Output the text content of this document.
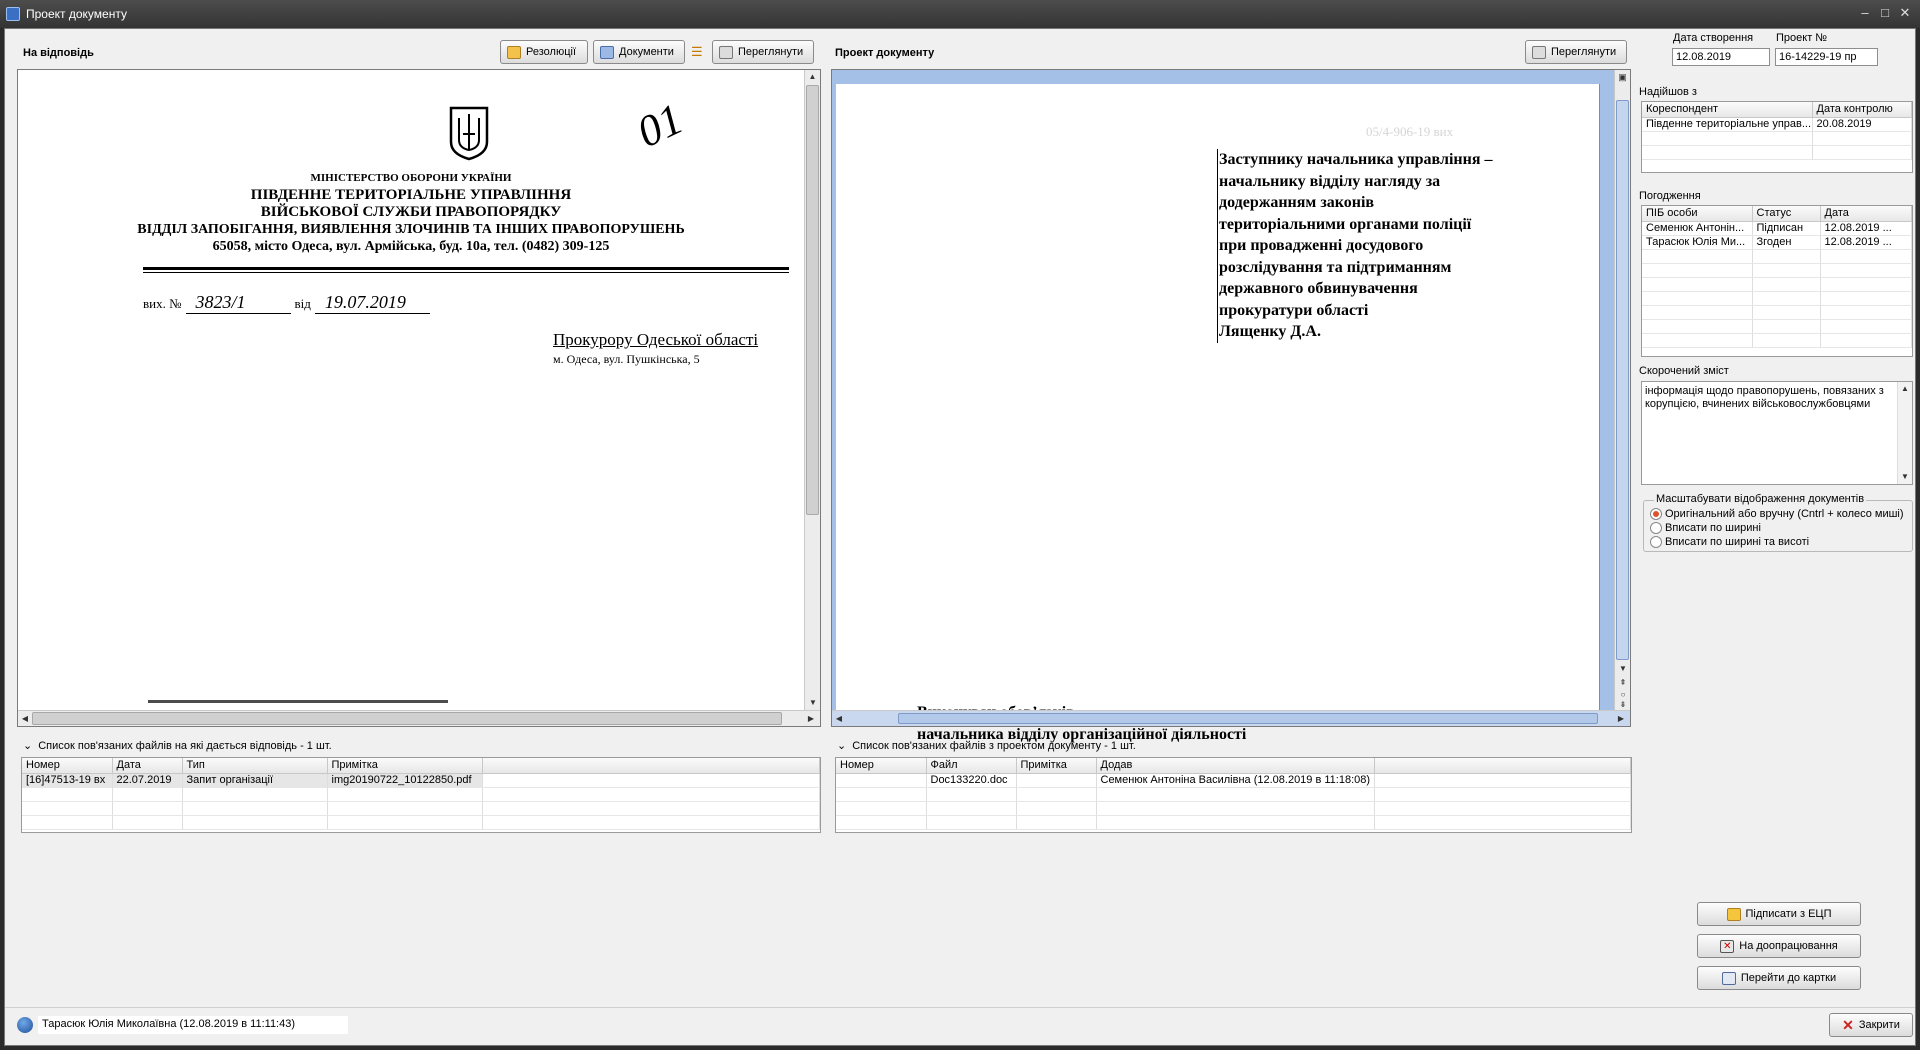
Проект документу	– □ ✕
На відповідь	Резолюції	Документи ☰	Переглянути
01
МІНІСТЕРСТВО ОБОРОНИ УКРАЇНИ
ПІВДЕННЕ ТЕРИТОРІАЛЬНЕ УПРАВЛІННЯ
ВІЙСЬКОВОЇ СЛУЖБИ ПРАВОПОРЯДКУ
ВІДДІЛ ЗАПОБІГАННЯ, ВИЯВЛЕННЯ ЗЛОЧИНІВ ТА ІНШИХ ПРАВОПОРУШЕНЬ
65058, місто Одеса, вул. Армійська, буд. 10а, тел. (0482) 309-125
вих. № 3823/1	від 19.07.2019
Прокурору Одеської області
м. Одеса, вул. Пушкінська, 5
▲
▼
◀	▶
⌄ Список пов'язаних файлів на які дається відповідь - 1 шт.
Номер	Дата	Тип	Примітка	
[16]47513-19 вх	22.07.2019	Запит організації	img20190722_10122850.pdf	

Проект документу	Переглянути
05/4-906-19 вих
Заступнику начальника управління –
начальнику відділу нагляду за
додержанням законів
територіальними органами поліції
при провадженні досудового
розслідування та підтриманням
державного обвинувачення
прокуратури області
Лященку Д.А.
начальника відділу організаційної діяльності
▣
▼
⇞
○
⇟
◀	▶
⌄ Список пов'язаних файлів з проектом документу - 1 шт.
Номер	Файл	Примітка	Додав	
	Doc133220.doc		Семенюк Антоніна Василівна (12.08.2019 в 11:18:08)	

Дата створення
12.08.2019
Проект №
16-14229-19 пр
Надійшов з
Кореспондент	Дата контролю
Південне територіальне управ...	20.08.2019

Погодження
ПІБ особи	Статус	Дата
Семенюк Антонін...	Підписан	12.08.2019 ...
Тарасюк Юлія Ми...	Згоден	12.08.2019 ...

Скорочений зміст
інформація щодо правопорушень, повязаних з корупцією, вчинених військовослужбовцями
▲
▼
Масштабувати відображення документів
Оригінальний або вручну (Cntrl + колесо миші)
Вписати по ширині
Вписати по ширині та висоті
Підписати з ЕЦП
✕ На доопрацювання
Перейти до картки
Тарасюк Юлія Миколаївна (12.08.2019 в 11:11:43)	✕ Закрити
